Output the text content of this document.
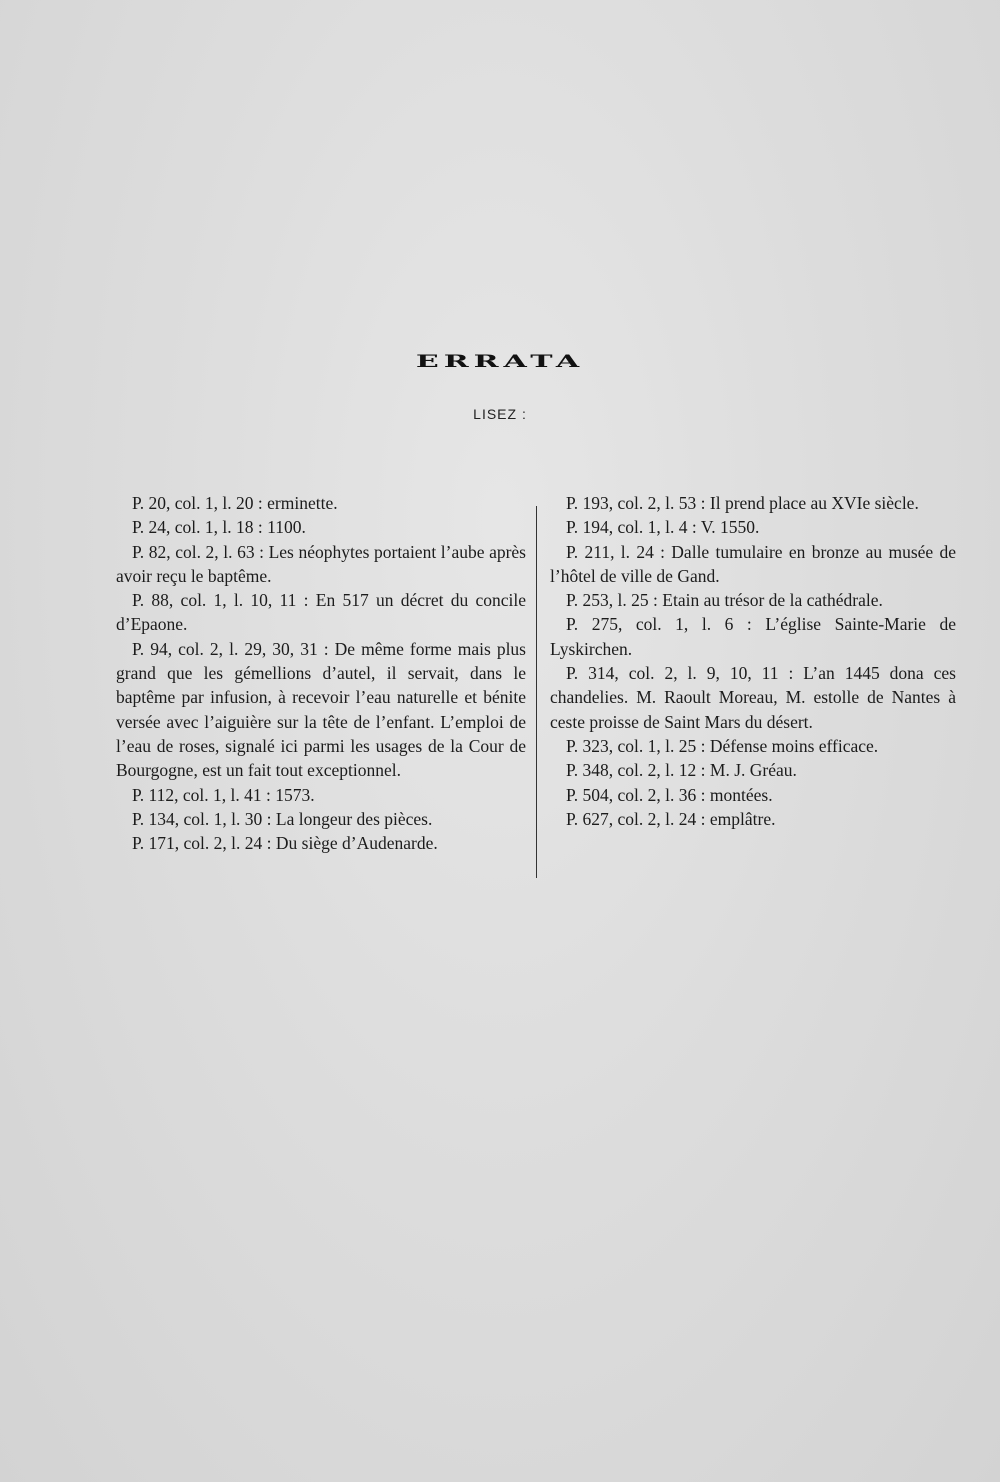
ERRATA
LISEZ :

P. 20, col. 1, l. 20 : erminette.

P. 24, col. 1, l. 18 : 1100.

P. 82, col. 2, l. 63 : Les néophytes portaient l’aube après avoir reçu le baptême.

P. 88, col. 1, l. 10, 11 : En 517 un décret du concile d’Epaone.

P. 94, col. 2, l. 29, 30, 31 : De même forme mais plus grand que les gémellions d’autel, il servait, dans le baptême par infusion, à recevoir l’eau naturelle et bénite versée avec l’aiguière sur la tête de l’enfant. L’emploi de l’eau de roses, signalé ici parmi les usages de la Cour de Bourgogne, est un fait tout exceptionnel.

P. 112, col. 1, l. 41 : 1573.

P. 134, col. 1, l. 30 : La longeur des pièces.

P. 171, col. 2, l. 24 : Du siège d’Audenarde.

P. 193, col. 2, l. 53 : Il prend place au XVIe siècle.

P. 194, col. 1, l. 4 : V. 1550.

P. 211, l. 24 : Dalle tumulaire en bronze au musée de l’hôtel de ville de Gand.

P. 253, l. 25 : Etain au trésor de la cathédrale.

P. 275, col. 1, l. 6 : L’église Sainte-Marie de Lyskirchen.

P. 314, col. 2, l. 9, 10, 11 : L’an 1445 dona ces chandelies. M. Raoult Moreau, M. estolle de Nantes à ceste proisse de Saint Mars du désert.

P. 323, col. 1, l. 25 : Défense moins efficace.

P. 348, col. 2, l. 12 : M. J. Gréau.

P. 504, col. 2, l. 36 : montées.

P. 627, col. 2, l. 24 : emplâtre.
